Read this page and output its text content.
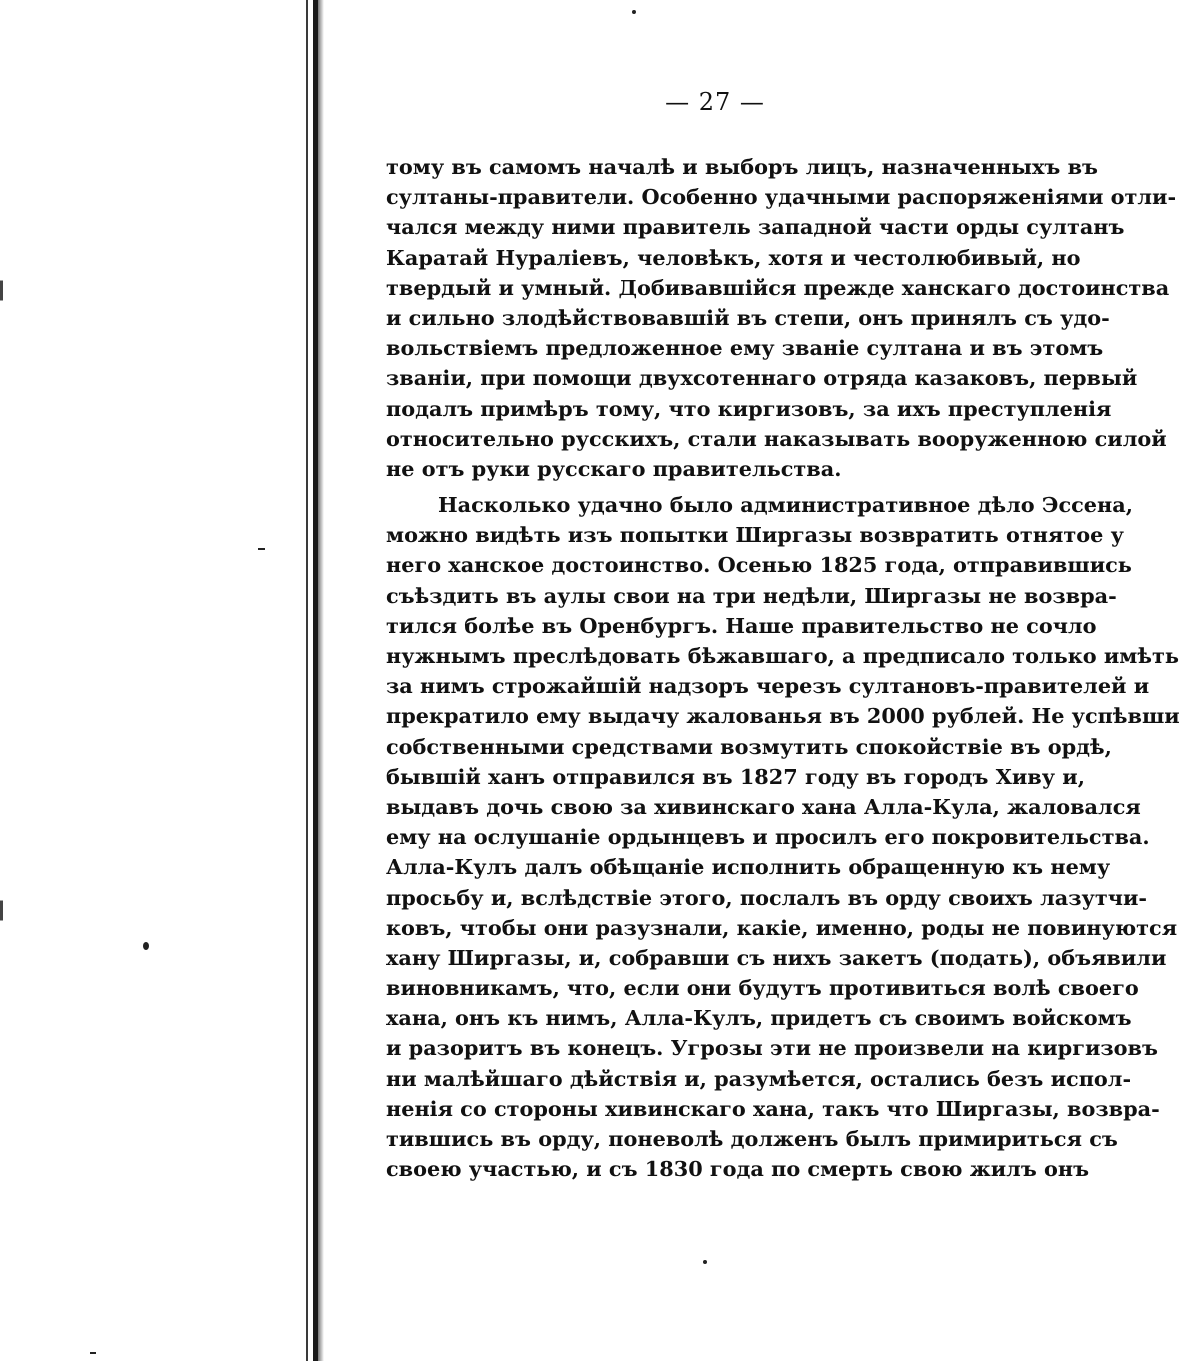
— 27 —
тому въ самомъ началѣ и выборъ лицъ, назначенныхъ въ
султаны-правители. Особенно удачными распоряженiями отли-
чался между ними правитель западной части орды султанъ
Каратай Нуралiевъ, человѣкъ, хотя и честолюбивый, но
твердый и умный. Добивавшiйся прежде ханскаго достоинства
и сильно злодѣйствовавшiй въ степи, онъ принялъ съ удо-
вольствiемъ предложенное ему званiе султана и въ этомъ
званiи, при помощи двухсотеннаго отряда казаковъ, первый
подалъ примѣръ тому, что киргизовъ, за ихъ преступленiя
относительно русскихъ, стали наказывать вооруженною силой
не отъ руки русскаго правительства.
Насколько удачно было административное дѣло Эссена,
можно видѣть изъ попытки Ширгазы возвратить отнятое у
него ханское достоинство. Осенью 1825 года, отправившись
съѣздить въ аулы свои на три недѣли, Ширгазы не возвра-
тился болѣе въ Оренбургъ. Наше правительство не сочло
нужнымъ преслѣдовать бѣжавшаго, а предписало только имѣть
за нимъ строжайшiй надзоръ черезъ султановъ-правителей и
прекратило ему выдачу жалованья въ 2000 рублей. Не успѣвши
собственными средствами возмутить спокойствiе въ ордѣ,
бывшiй ханъ отправился въ 1827 году въ городъ Хиву и,
выдавъ дочь свою за хивинскаго хана Алла-Кула, жаловался
ему на ослушанiе ордынцевъ и просилъ его покровительства.
Алла-Кулъ далъ обѣщанiе исполнить обращенную къ нему
просьбу и, вслѣдствiе этого, послалъ въ орду своихъ лазутчи-
ковъ, чтобы они разузнали, какiе, именно, роды не повинуются
хану Ширгазы, и, собравши съ нихъ закетъ (подать), объявили
виновникамъ, что, если они будутъ противиться волѣ своего
хана, онъ къ нимъ, Алла-Кулъ, придетъ съ своимъ войскомъ
и разоритъ въ конецъ. Угрозы эти не произвели на киргизовъ
ни малѣйшаго дѣйствiя и, разумѣется, остались безъ испол-
ненiя со стороны хивинскаго хана, такъ что Ширгазы, возвра-
тившись въ орду, поневолѣ долженъ былъ примириться съ
своею участью, и съ 1830 года по смерть свою жилъ онъ
